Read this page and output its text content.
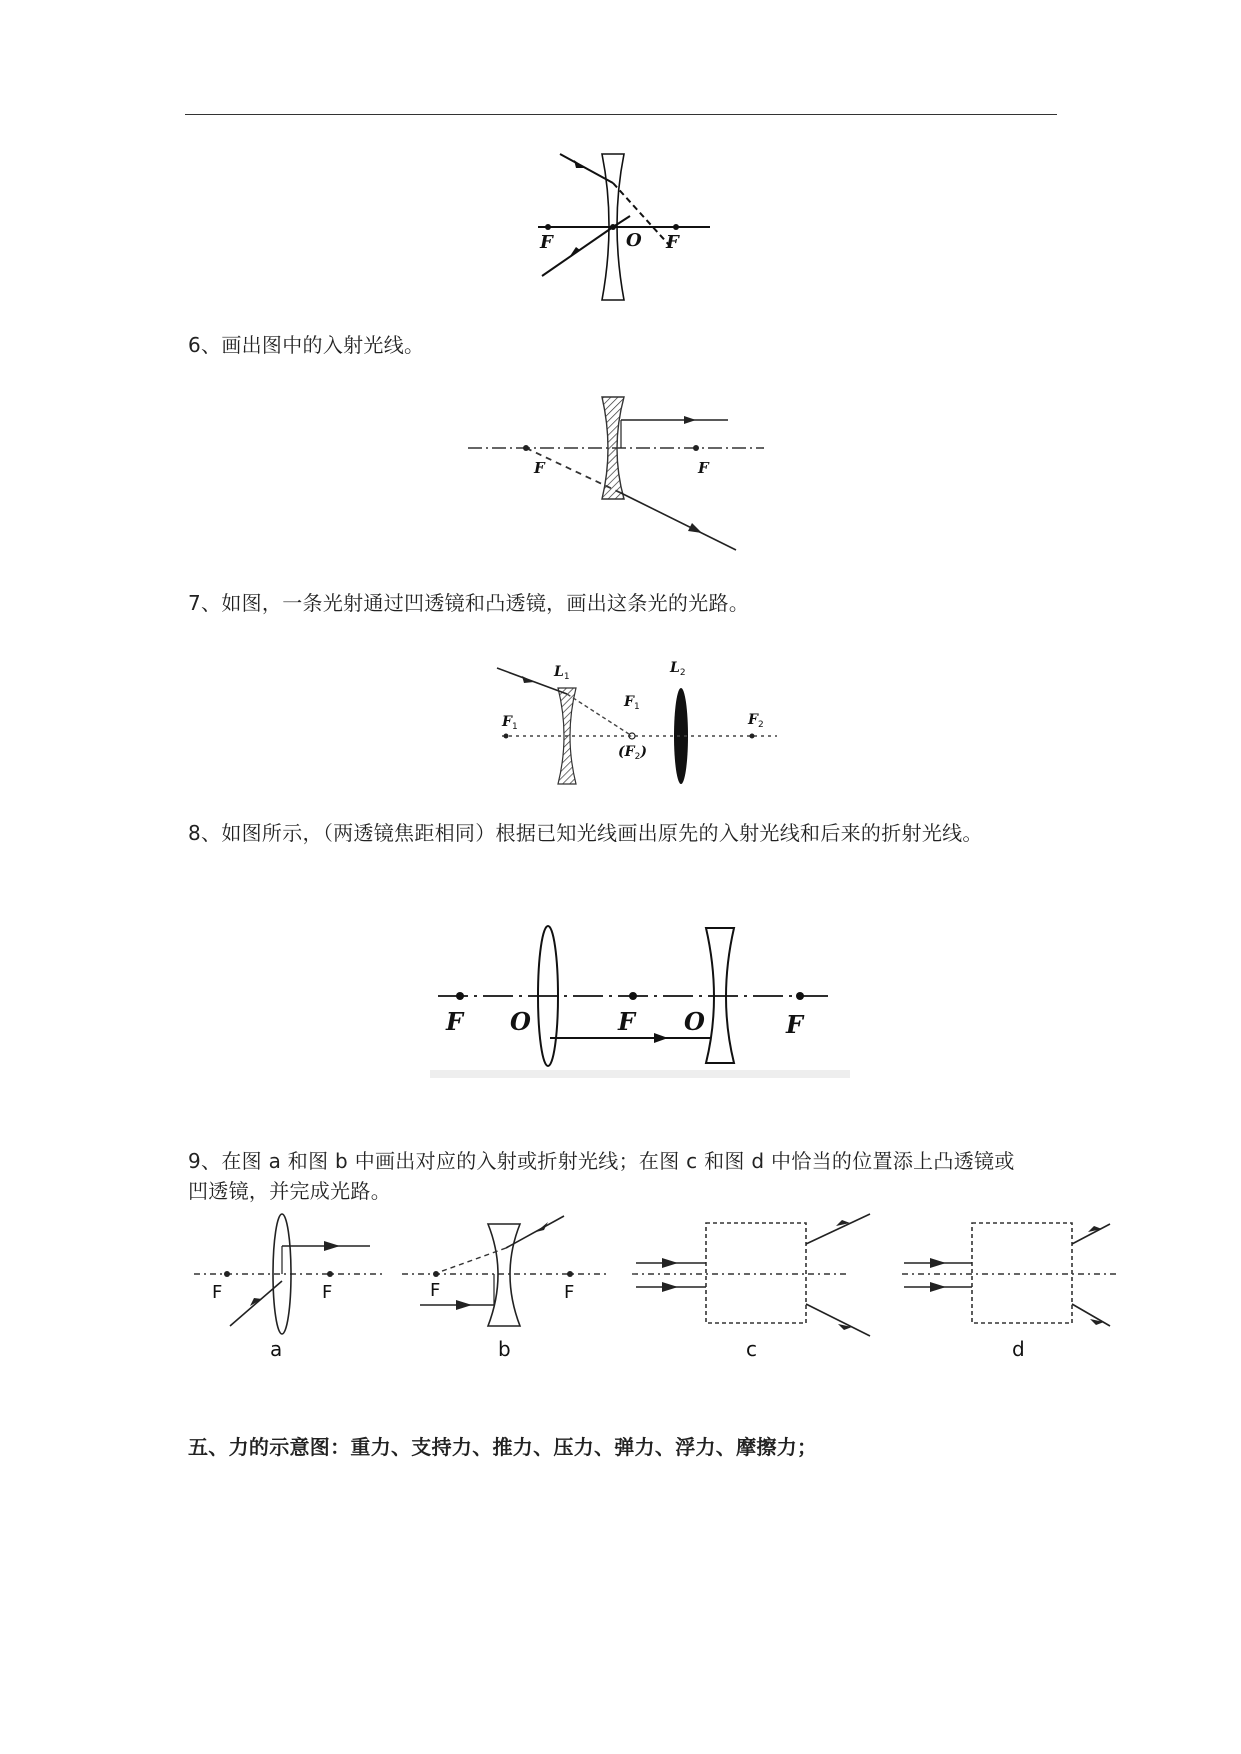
F	O F
6、画出图中的入射光线。
F	F
7、如图，一条光射通过凹透镜和凸透镜，画出这条光的光路。
$L_1$
$L_2$
$F_1$
$F_1$
$(F_2)$
$F_2$
8、如图所示，（两透镜焦距相同）根据已知光线画出原先的入射光线和后来的折射光线。
F O	F O	F
9、在图 a 和图 b 中画出对应的入射或折射光线；在图 c 和图 d 中恰当的位置添上凸透镜或
凹透镜，并完成光路。
F	F
a
F	F
b	c	d
五、力的示意图：重力、支持力、推力、压力、弹力、浮力、摩擦力；
